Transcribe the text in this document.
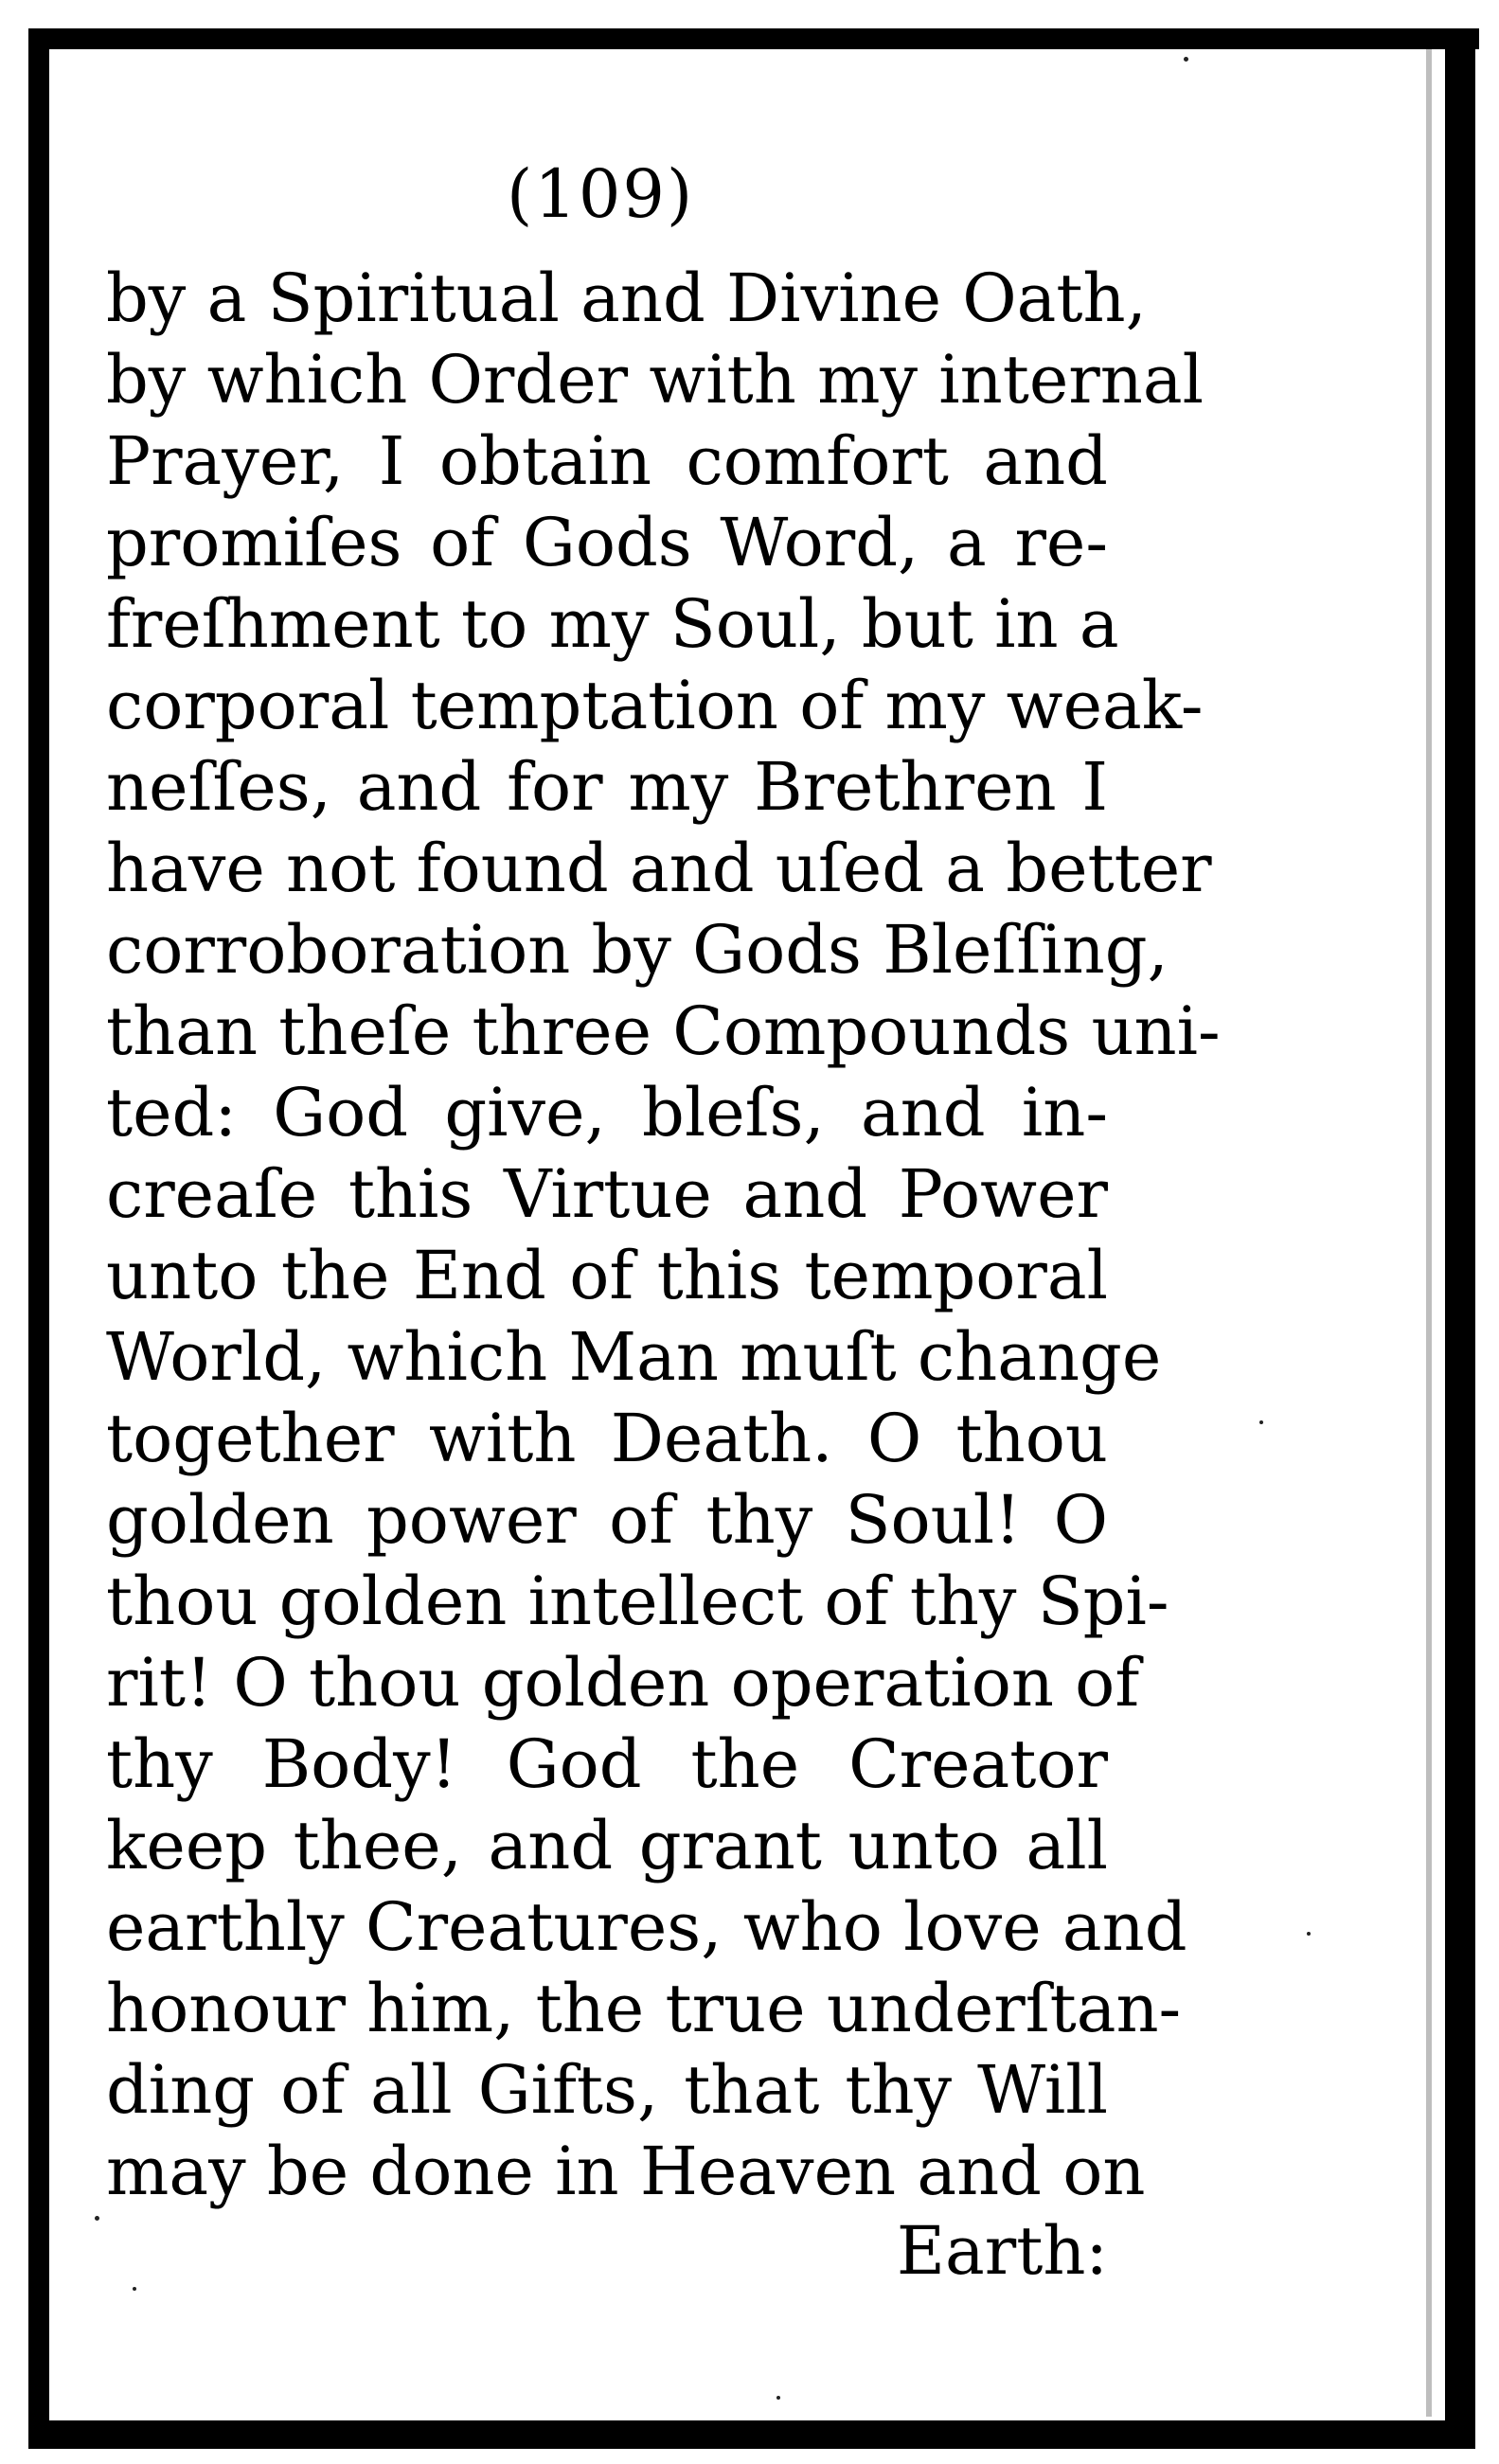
(109)
by a Spiritual and Divine Oath,
by which Order with my internal
Prayer, I obtain comfort and
promiſes of Gods Word, a re-
freſhment to my Soul, but in a
corporal temptation of my weak-
neſſes, and for my Brethren I
have not found and uſed a better
corroboration by Gods Bleſſing,
than theſe three Compounds uni-
ted: God give, bleſs, and in-
creaſe this Virtue and Power
unto the End of this temporal
World, which Man muſt change
together with Death. O thou
golden power of thy Soul! O
thou golden intellect of thy Spi-
rit! O thou golden operation of
thy Body! God the Creator
keep thee, and grant unto all
earthly Creatures, who love and
honour him, the true underſtan-
ding of all Gifts, that thy Will
may be done in Heaven and on
Earth:
